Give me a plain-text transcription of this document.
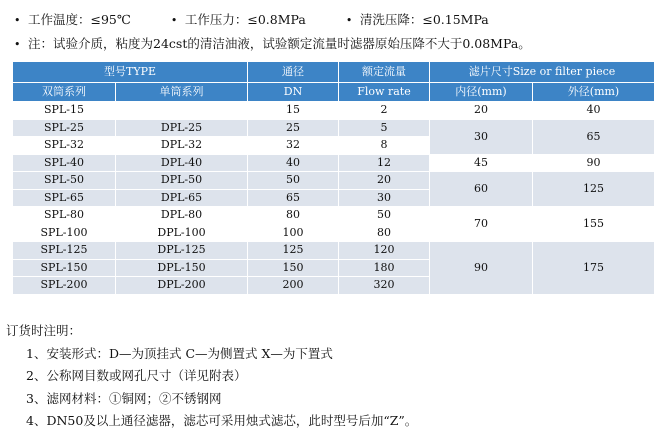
• 工作温度：≤95℃	• 工作压力：≤0.8MPa	• 清洗压降：≤0.15MPa
• 注：试验介质，粘度为24cst的清洁油液，试验额定流量时滤器原始压降不大于0.08MPa。
型号TYPE		通径	额定流量	滤片尺寸Size or filter piece	
双筒系列	单筒系列	DN	Flow rate	内径(mm)	外径(mm)
SPL-15		15	2	20	40
SPL-25	DPL-25	25	5	30	65
SPL-32	DPL-32	32	8		
SPL-40	DPL-40	40	12	45	90
SPL-50	DPL-50	50	20	60	125
SPL-65	DPL-65	65	30		
SPL-80	DPL-80	80	50	70	155
SPL-100	DPL-100	100	80		
SPL-125	DPL-125	125	120	90	175
SPL-150	DPL-150	150	180		
SPL-200	DPL-200	200	320		
订货时注明：
1、安装形式：D—为顶挂式 C—为侧置式 X—为下置式
2、公称网目数或网孔尺寸（详见附表）
3、滤网材料：①铜网；②不锈钢网
4、DN50及以上通径滤器，滤芯可采用烛式滤芯，此时型号后加“Z”。
